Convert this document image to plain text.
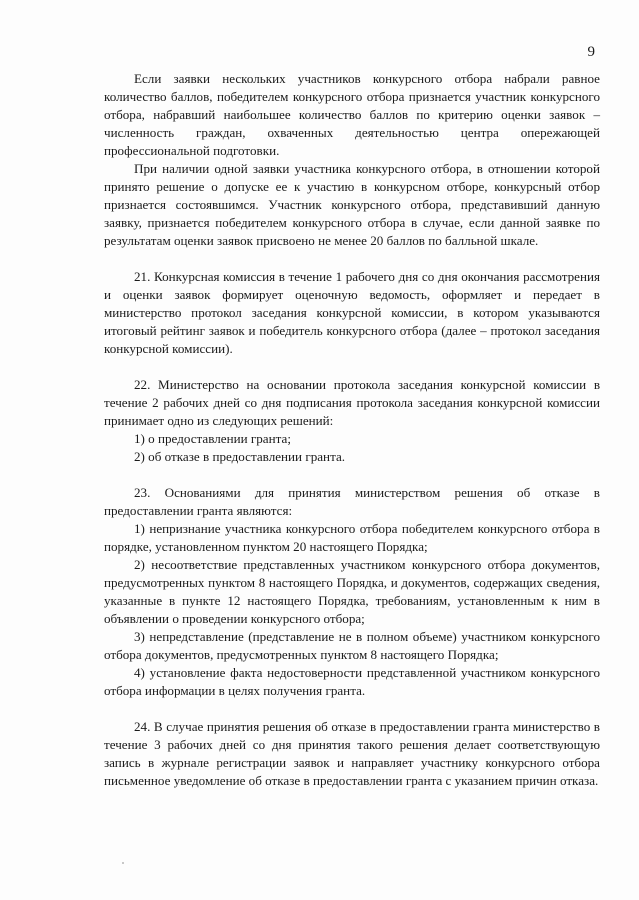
9

Если заявки нескольких участников конкурсного отбора набрали равное количество баллов, победителем конкурсного отбора признается участник конкурсного отбора, набравший наибольшее количество баллов по критерию оценки заявок – численность граждан, охваченных деятельностью центра опережающей профессиональной подготовки.

При наличии одной заявки участника конкурсного отбора, в отношении которой принято решение о допуске ее к участию в конкурсном отборе, конкурсный отбор признается состоявшимся. Участник конкурсного отбора, представивший данную заявку, признается победителем конкурсного отбора в случае, если данной заявке по результатам оценки заявок присвоено не менее 20 баллов по балльной шкале.

21. Конкурсная комиссия в течение 1 рабочего дня со дня окончания рассмотрения и оценки заявок формирует оценочную ведомость, оформляет и передает в министерство протокол заседания конкурсной комиссии, в котором указываются итоговый рейтинг заявок и победитель конкурсного отбора (далее – протокол заседания конкурсной комиссии).

22. Министерство на основании протокола заседания конкурсной комиссии в течение 2 рабочих дней со дня подписания протокола заседания конкурсной комиссии принимает одно из следующих решений:

1) о предоставлении гранта;

2) об отказе в предоставлении гранта.

23. Основаниями для принятия министерством решения об отказе в предоставлении гранта являются:

1) непризнание участника конкурсного отбора победителем конкурсного отбора в порядке, установленном пунктом 20 настоящего Порядка;

2) несоответствие представленных участником конкурсного отбора документов, предусмотренных пунктом 8 настоящего Порядка, и документов, содержащих сведения, указанные в пункте 12 настоящего Порядка, требованиям, установленным к ним в объявлении о проведении конкурсного отбора;

3) непредставление (представление не в полном объеме) участником конкурсного отбора документов, предусмотренных пунктом 8 настоящего Порядка;

4) установление факта недостоверности представленной участником конкурсного отбора информации в целях получения гранта.

24. В случае принятия решения об отказе в предоставлении гранта министерство в течение 3 рабочих дней со дня принятия такого решения делает соответствующую запись в журнале регистрации заявок и направляет участнику конкурсного отбора письменное уведомление об отказе в предоставлении гранта с указанием причин отказа.
